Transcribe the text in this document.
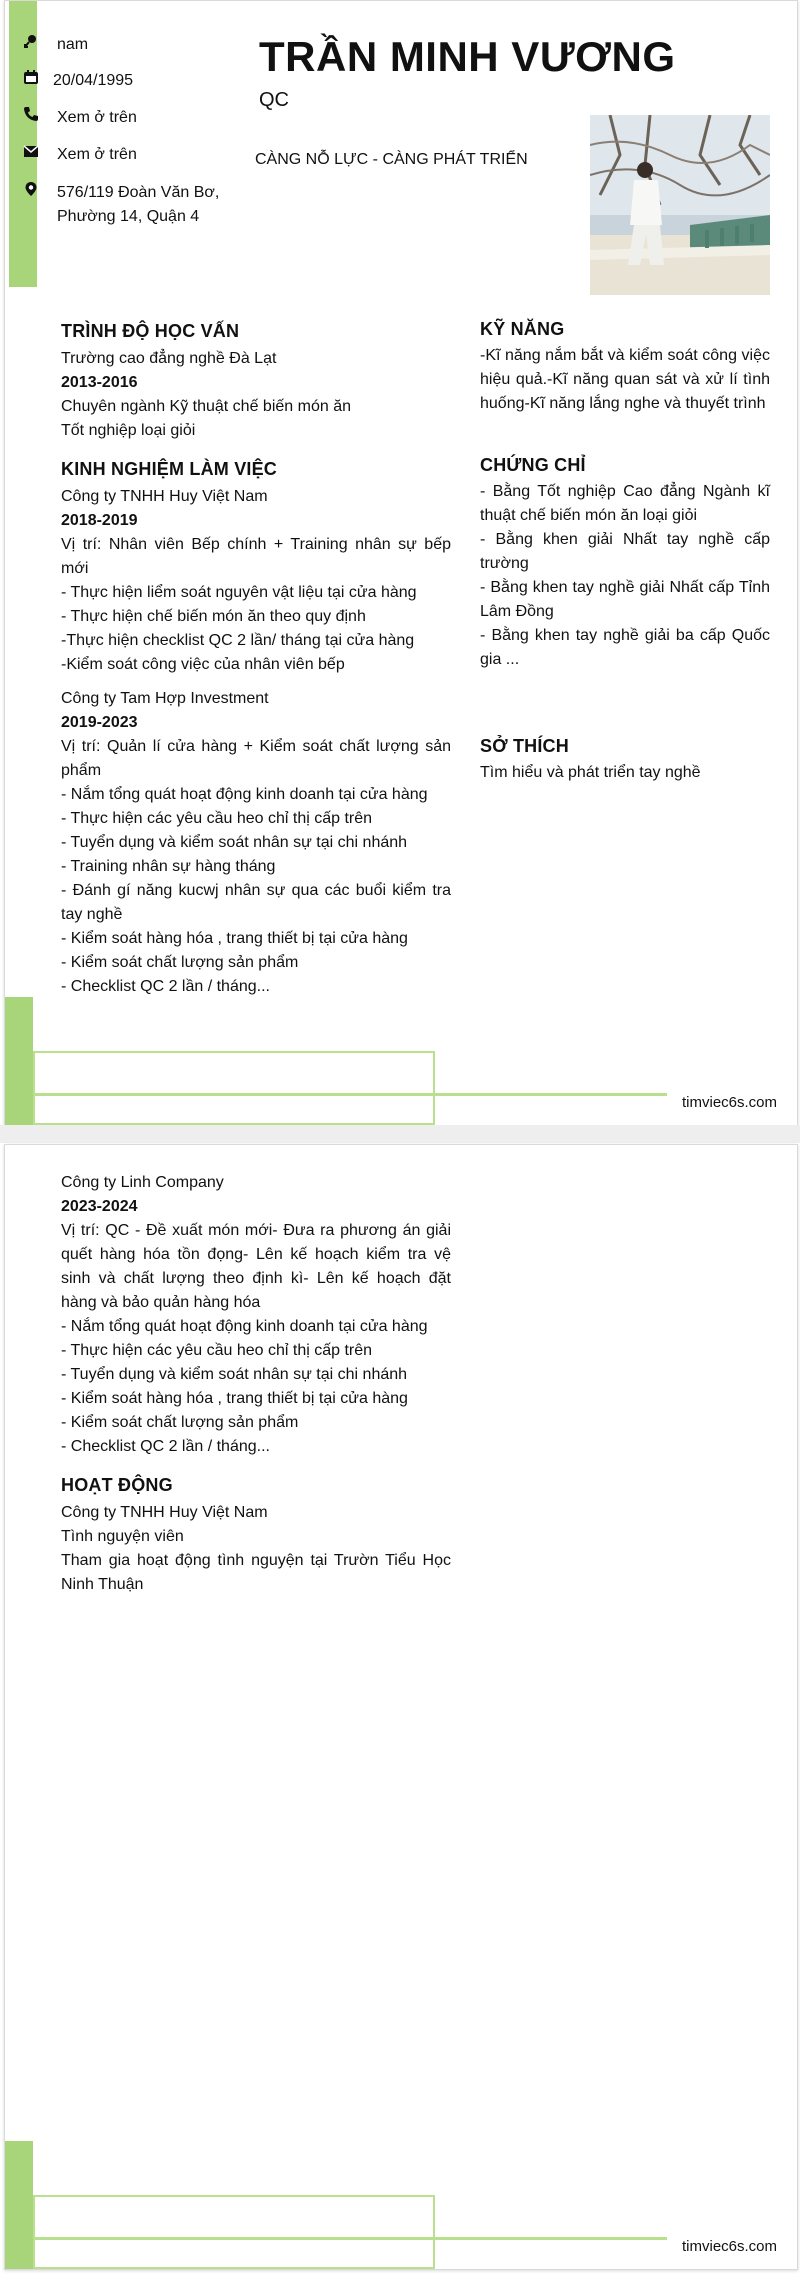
nam
20/04/1995
Xem ở trên
Xem ở trên
576/119 Đoàn Văn Bơ,
Phường 14, Quận 4
TRẦN MINH VƯƠNG
QC
CÀNG NỖ LỰC - CÀNG PHÁT TRIỂN
TRÌNH ĐỘ HỌC VẤN
Trường cao đẳng nghề Đà Lạt
2013-2016
Chuyên ngành Kỹ thuật chế biến món ăn
Tốt nghiệp loại giỏi
KINH NGHIỆM LÀM VIỆC
Công ty TNHH Huy Việt Nam
2018-2019
Vị trí: Nhân viên Bếp chính + Training nhân sự bếp mới
- Thực hiện liểm soát nguyên vật liệu tại cửa hàng
- Thực hiện chế biến món ăn theo quy định
-Thực hiện checklist QC 2 lần/ tháng tại cửa hàng
-Kiểm soát công việc của nhân viên bếp
Công ty Tam Hợp Investment
2019-2023
Vị trí: Quản lí cửa hàng + Kiểm soát chất lượng sản phẩm
- Nắm tổng quát hoạt động kinh doanh tại cửa hàng
- Thực hiện các yêu cầu heo chỉ thị cấp trên
- Tuyển dụng và kiểm soát nhân sự tại chi nhánh
- Training nhân sự hàng tháng
- Đánh gí năng kucwj nhân sự qua các buổi kiểm tra tay nghề
- Kiểm soát hàng hóa , trang thiết bị tại cửa hàng
- Kiểm soát chất lượng sản phẩm
- Checklist QC 2 lần / tháng...
KỸ NĂNG
-Kĩ năng nắm bắt và kiểm soát công việc hiệu quả.-Kĩ năng quan sát và xử lí tình huống-Kĩ năng lắng nghe và thuyết trình
CHỨNG CHỈ
- Bằng Tốt nghiệp Cao đẳng Ngành kĩ thuật chế biến món ăn loại giỏi
- Bằng khen giải Nhất tay nghề cấp trường
- Bằng khen tay nghề giải Nhất cấp Tỉnh Lâm Đồng
- Bằng khen tay nghề giải ba cấp Quốc gia ...
SỞ THÍCH
Tìm hiểu và phát triển tay nghề
timviec6s.com
Công ty Linh Company
2023-2024
Vị trí: QC - Đề xuất món mới- Đưa ra phương án giải quết hàng hóa tồn đọng- Lên kế hoạch kiểm tra vệ sinh và chất lượng theo định kì- Lên kế hoạch đặt hàng và bảo quản hàng hóa
- Nắm tổng quát hoạt động kinh doanh tại cửa hàng
- Thực hiện các yêu cầu heo chỉ thị cấp trên
- Tuyển dụng và kiểm soát nhân sự tại chi nhánh
- Kiểm soát hàng hóa , trang thiết bị tại cửa hàng
- Kiểm soát chất lượng sản phẩm
- Checklist QC 2 lần / tháng...
HOẠT ĐỘNG
Công ty TNHH Huy Việt Nam
Tình nguyện viên
Tham gia hoạt động tình nguyện tại Trườn Tiểu Học Ninh Thuận
timviec6s.com
